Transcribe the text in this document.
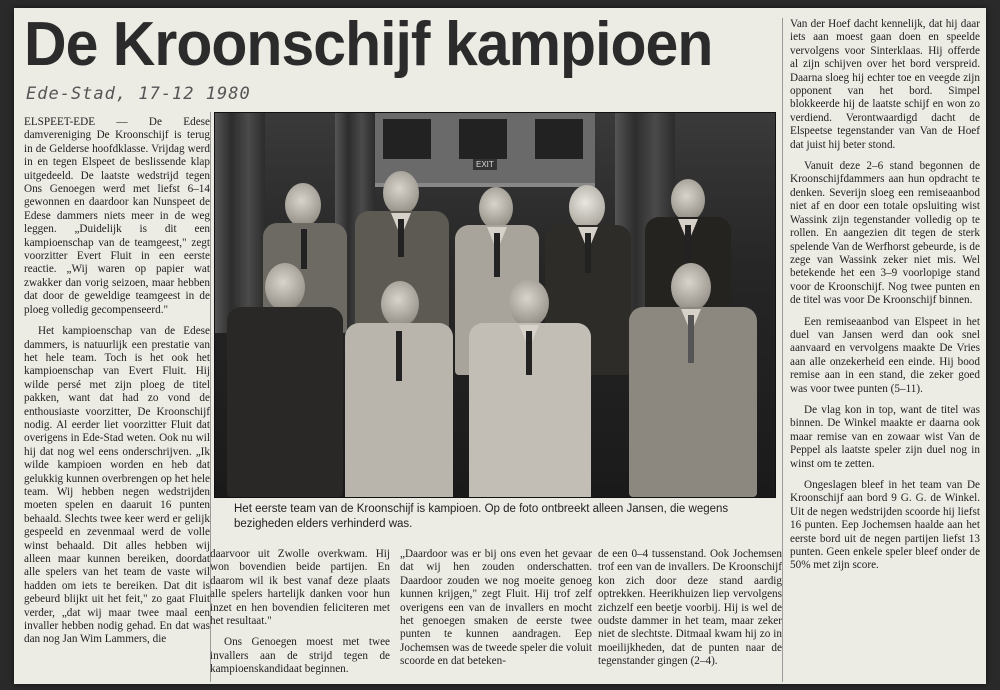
De Kroonschijf kampioen
Ede-Stad, 17-12 1980

ELSPEET-EDE — De Edese damvereniging De Kroonschijf is terug in de Gelderse hoofdklasse. Vrijdag werd in en tegen Elspeet de beslissende klap uitgedeeld. De laatste wedstrijd tegen Ons Genoegen werd met liefst 6–14 gewonnen en daardoor kan Nunspeet de Edese dammers niets meer in de weg leggen. „Duidelijk is dit een kampioenschap van de teamgeest," zegt voorzitter Evert Fluit in een eerste reactie. „Wij waren op papier wat zwakker dan vorig seizoen, maar hebben dat door de geweldige teamgeest in de ploeg volledig gecompenseerd."

Het kampioenschap van de Edese dammers, is natuurlijk een prestatie van het hele team. Toch is het ook het kampioenschap van Evert Fluit. Hij wilde persé met zijn ploeg de titel pakken, want dat had zo vond de enthousiaste voorzitter, De Kroonschijf nodig. Al eerder liet voorzitter Fluit dat overigens in Ede-Stad weten. Ook nu wil hij dat nog wel eens onderschrijven. „Ik wilde kampioen worden en heb dat gelukkig kunnen overbrengen op het hele team. Wij hebben negen wedstrijden moeten spelen en daaruit 16 punten behaald. Slechts twee keer werd er gelijk gespeeld en zevenmaal werd de volle winst behaald. Dit alles hebben wij alleen maar kunnen bereiken, doordat alle spelers van het team de vaste wil hadden om iets te bereiken. Dat dit is gebeurd blijkt uit het feit," zo gaat Fluit verder, „dat wij maar twee maal een invaller hebben nodig gehad. En dat was dan nog Jan Wim Lammers, die

EXIT
Het eerste team van de Kroonschijf is kampioen. Op de foto ontbreekt alleen Jansen, die wegens bezigheden elders verhinderd was.

daarvoor uit Zwolle overkwam. Hij won bovendien beide partijen. En daarom wil ik best vanaf deze plaats alle spelers hartelijk danken voor hun inzet en hen bovendien feliciteren met het resultaat."

Ons Genoegen moest met twee invallers aan de strijd tegen de kampioenskandidaat beginnen.

„Daardoor was er bij ons even het gevaar dat wij hen zouden onderschatten. Daardoor zouden we nog moeite genoeg kunnen krijgen," zegt Fluit. Hij trof zelf overigens een van de invallers en mocht het genoegen smaken de eerste twee punten te kunnen aandragen. Eep Jochemsen was de tweede speler die voluit scoorde en dat beteken-

de een 0–4 tussenstand. Ook Jochemsen trof een van de invallers. De Kroonschijf kon zich door deze stand aardig optrekken. Heerikhuizen liep vervolgens zichzelf een beetje voorbij. Hij is wel de oudste dammer in het team, maar zeker niet de slechtste. Ditmaal kwam hij zo in moeilijkheden, dat de punten naar de tegenstander gingen (2–4).

Van der Hoef dacht kennelijk, dat hij daar iets aan moest gaan doen en speelde vervolgens voor Sinterklaas. Hij offerde al zijn schijven over het bord verspreid. Daarna sloeg hij echter toe en veegde zijn opponent van het bord. Simpel blokkeerde hij de laatste schijf en won zo verdiend. Verontwaardigd dacht de Elspeetse tegenstander van Van de Hoef dat juist hij beter stond.

Vanuit deze 2–6 stand begonnen de Kroonschijfdammers aan hun opdracht te denken. Severijn sloeg een remiseaanbod niet af en door een totale opsluiting wist Wassink zijn tegenstander volledig op te rollen. En aangezien dit tegen de sterk spelende Van de Werfhorst gebeurde, is de zege van Wassink zeker niet mis. Wel betekende het een 3–9 voorlopige stand voor de Kroonschijf. Nog twee punten en de titel was voor De Kroonschijf binnen.

Een remiseaanbod van Elspeet in het duel van Jansen werd dan ook snel aanvaard en vervolgens maakte De Vries aan alle onzekerheid een einde. Hij bood remise aan in een stand, die zeker goed was voor twee punten (5–11).

De vlag kon in top, want de titel was binnen. De Winkel maakte er daarna ook maar remise van en zowaar wist Van de Peppel als laatste speler zijn duel nog in winst om te zetten.

Ongeslagen bleef in het team van De Kroonschijf aan bord 9 G. G. de Winkel. Uit de negen wedstrijden scoorde hij liefst 16 punten. Eep Jochemsen haalde aan het eerste bord uit de negen partijen liefst 13 punten. Geen enkele speler bleef onder de 50% met zijn score.
